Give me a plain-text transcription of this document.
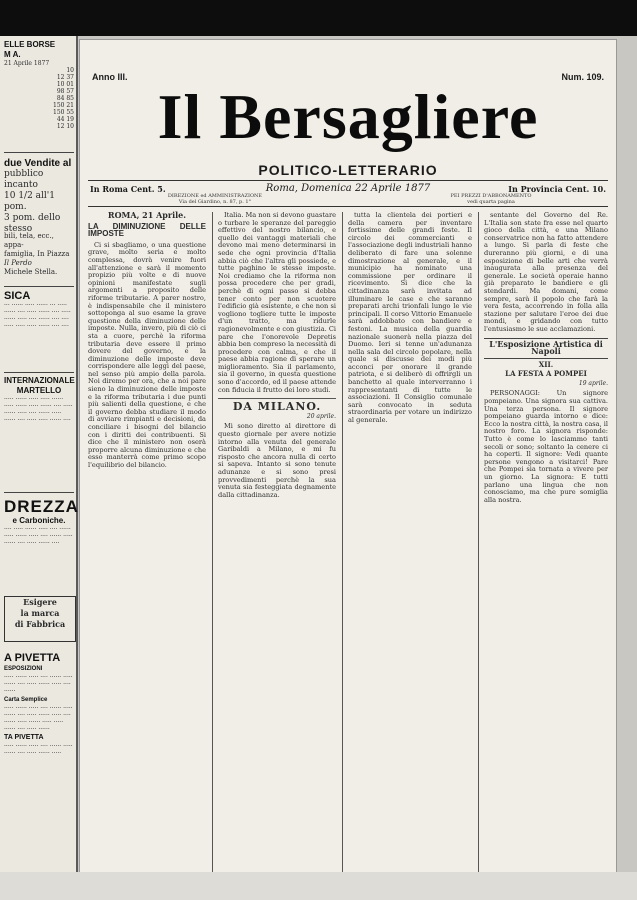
ELLE BORSE
M A.
21 Aprile 1877
10
12 37
10 01
98 57
84 85
150 21
150 55
44 19
12 10
due Vendite al
pubblico incanto
10 1/2 all'1 pom.
3 pom. dello stesso
bili, tela, ecc., appa-
famiglia, In Piazza
Il Perdo
Michele Stella.
SICA
··· ······ ····· ······ ··· ····· ······ ···· ····· ······ ···· ····· ······ ····· ···· ······ ···· ···· ····· ····· ····· ······ ···· ····
INTERNAZIONALE
MARTELLO
····· ······ ····· ····· ······ ····· ······ ····· ······ ···· ····· ······ ····· ···· ······ ····· ······ ···· ····· ····· ······ ····
DREZZA
e Carboniche.
···· ····· ······ ····· ···· ······ ····· ······ ····· ···· ······ ····· ······ ···· ····· ······ ····
Esigere
la marca
di Fabbrica
A PIVETTA
ESPOSIZIONI
····· ······ ····· ···· ······ ····· ······ ···· ····· ······ ····· ···· ······
Carta Semplice
····· ······ ····· ···· ······ ····· ······ ···· ····· ······ ····· ···· ······ ····· ······ ····· ····· ······ ···· ····· ······
TA PIVETTA
····· ······ ····· ···· ······ ····· ······ ···· ····· ······ ·····
Anno III.	Num. 109.
Il Bersagliere
POLITICO-LETTERARIO
In Roma Cent. 5.	Roma, Domenica 22 Aprile 1877	In Provincia Cent. 10.
DIREZIONE ed AMMINISTRAZIONE
Via del Giardino, n. 87, p. 1°
PEI PREZZI D'ABBONAMENTO
vedi quarta pagina
ROMA, 21 Aprile.
LA DIMINUZIONE DELLE IMPOSTE

Ci si sbagliamo, o una questione grave, molto seria e molto complessa, dovrà venire fuori all'attenzione e sarà il momento propizio più volte e di nuove opinioni manifestate sugli argomenti a proposito delle riforme tributarie. A parer nostro, è indispensabile che il ministero sottoponga al suo esame la grave questione della diminuzione delle imposte. Nulla, invero, più di ciò ci sta a cuore, perchè la riforma tributaria deve essere il primo dovere del governo, e la diminuzione delle imposte deve corrispondere alle leggi del paese, nel senso più ampio della parola. Noi diremo per ora, che a noi pare sieno la diminuzione delle imposte e la riforma tributaria i due punti più salienti della questione, e che il governo debba studiare il modo di avviare rimpianti e decisioni, da conciliare i bisogni del bilancio con i diritti dei contribuenti. Si dice che il ministero non oserà proporre alcuna diminuzione e che esso manterrà come primo scopo l'equilibrio del bilancio.

Italia. Ma non si devono guastare o turbare le speranze del pareggio effettivo del nostro bilancio, e quello dei vantaggi materiali che devono mai meno determinarsi in sede che ogni provincia d'Italia abbia ciò che l'altra gli possiede, e tutte paghino le stesse imposte. Noi crediamo che la riforma non possa procedere che per gradi, perchè di ogni passo si debba tener conto per non scuotere l'edificio già esistente, e che non si vogliono togliere tutte le imposte d'un tratto, ma ridurle ragionevolmente e con giustizia. Ci pare che l'onorevole Depretis abbia ben compreso la necessità di procedere con calma, e che il paese abbia ragione di sperare un miglioramento. Sia il parlamento, sia il governo, in questa questione sono d'accordo, ed il paese attende con fiducia il frutto dei loro studi.

DA MILANO.
20 aprile.

Mi sono diretto al direttore di questo giornale per avere notizie intorno alla venuta del generale Garibaldi a Milano, e mi fu risposto che ancora nulla di certo si sapeva. Intanto si sono tenute adunanze e si sono presi provvedimenti perchè la sua venuta sia festeggiata degnamente dalla cittadinanza.

tutta la clientela dei portieri e della camera per inventare fortissime delle grandi feste. Il circolo dei commercianti e l'associazione degli industriali hanno deliberato di fare una solenne dimostrazione al generale, e il municipio ha nominato una commissione per ordinare il ricevimento. Si dice che la cittadinanza sarà invitata ad illuminare le case e che saranno preparati archi trionfali lungo le vie principali. Il corso Vittorio Emanuele sarà addobbato con bandiere e festoni. La musica della guardia nazionale suonerà nella piazza del Duomo. Ieri si tenne un'adunanza nella sala del circolo popolare, nella quale si discusse dei modi più acconci per onorare il grande patriota, e si deliberò di offrirgli un banchetto al quale interverranno i rappresentanti di tutte le associazioni. Il Consiglio comunale sarà convocato in seduta straordinaria per votare un indirizzo al generale.

sentante del Governo del Re. L'Italia son state fra esse nel quarto gioco della città, e una Milano conservatrice non ha fatto attendere a lungo. Si parla di feste che dureranno più giorni, e di una esposizione di belle arti che verrà inaugurata alla presenza del generale. Le società operaie hanno già preparato le bandiere e gli stendardi. Ma domani, come sempre, sarà il popolo che farà la vera festa, accorrendo in folla alla stazione per salutare l'eroe dei due mondi, e gridando con tutto l'entusiasmo le sue acclamazioni.

L'Esposizione Artistica di Napoli
XII.
LA FESTA A POMPEI
19 aprile.

PERSONAGGI: Un signore pompeiano. Una signora sua cattiva. Una terza persona. Il signore pompeiano guarda intorno e dice: Ecco la nostra città, la nostra casa, il nostro foro. La signora risponde: Tutto è come lo lasciammo tanti secoli or sono; soltanto la cenere ci ha coperti. Il signore: Vedi quante persone vengono a visitarci! Pare che Pompei sia tornata a vivere per un giorno. La signora: E tutti parlano una lingua che non conosciamo, ma che pure somiglia alla nostra.
